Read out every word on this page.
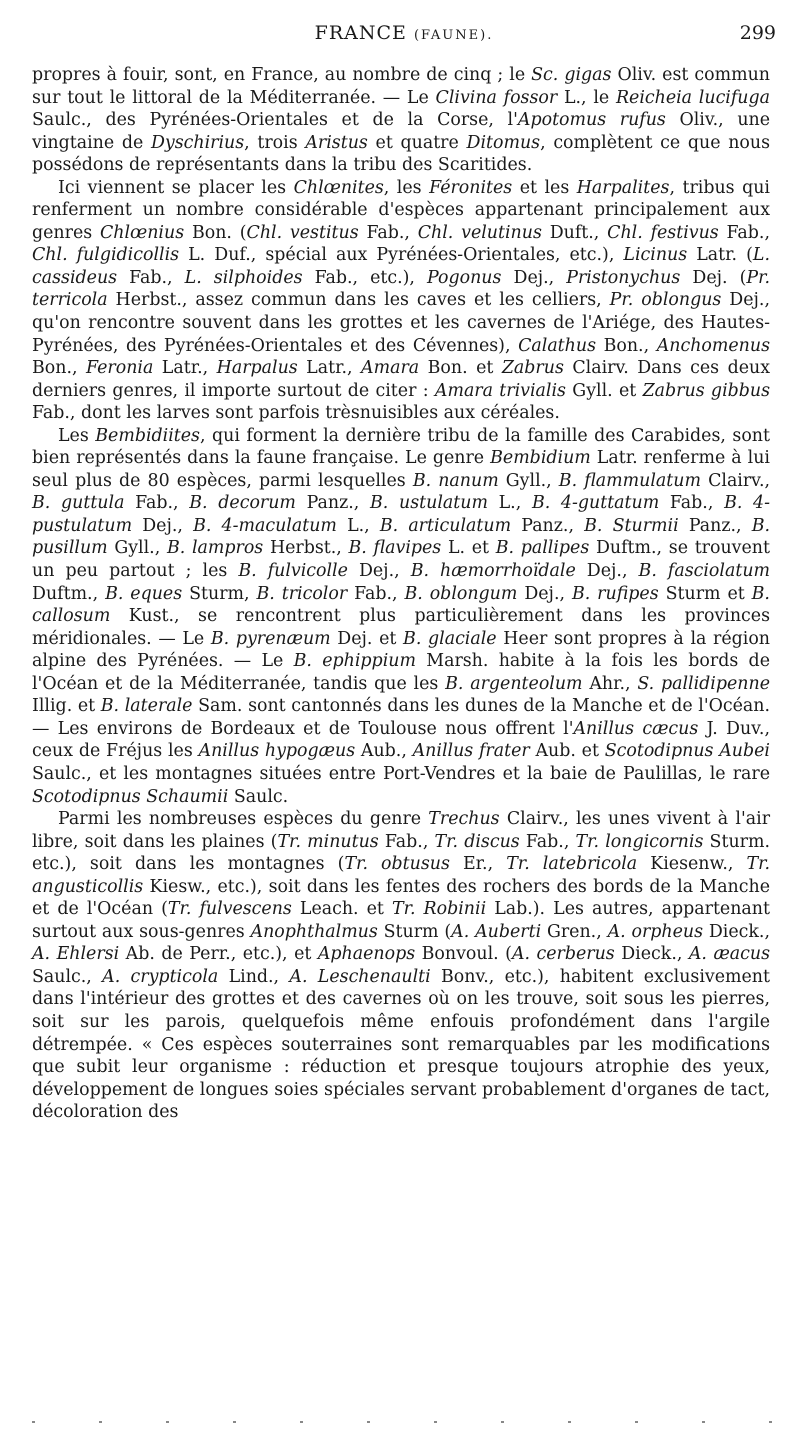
FRANCE (FAUNE).	299

propres à fouir, sont, en France, au nombre de cinq ; le Sc. gigas Oliv. est commun sur tout le littoral de la Méditerranée. — Le Clivina fossor L., le Reicheia lucifuga Saulc., des Pyrénées-Orientales et de la Corse, l'Apotomus rufus Oliv., une vingtaine de Dyschirius, trois Aristus et quatre Ditomus, complètent ce que nous possédons de représentants dans la tribu des Scaritides.

Ici viennent se placer les Chlœnites, les Féronites et les Harpalites, tribus qui renferment un nombre considérable d'espèces appartenant principalement aux genres Chlœnius Bon. (Chl. vestitus Fab., Chl. velutinus Duft., Chl. festivus Fab., Chl. fulgidicollis L. Duf., spécial aux Pyrénées-Orientales, etc.), Licinus Latr. (L. cassideus Fab., L. silphoides Fab., etc.), Pogonus Dej., Pristonychus Dej. (Pr. terricola Herbst., assez commun dans les caves et les celliers, Pr. oblongus Dej., qu'on rencontre souvent dans les grottes et les cavernes de l'Ariége, des Hautes-Pyrénées, des Pyrénées-Orientales et des Cévennes), Calathus Bon., Anchomenus Bon., Feronia Latr., Harpalus Latr., Amara Bon. et Zabrus Clairv. Dans ces deux derniers genres, il importe surtout de citer : Amara trivialis Gyll. et Zabrus gibbus Fab., dont les larves sont parfois trèsnuisibles aux céréales.

Les Bembidiites, qui forment la dernière tribu de la famille des Carabides, sont bien représentés dans la faune française. Le genre Bembidium Latr. renferme à lui seul plus de 80 espèces, parmi lesquelles B. nanum Gyll., B. flammulatum Clairv., B. guttula Fab., B. decorum Panz., B. ustulatum L., B. 4-guttatum Fab., B. 4-pustulatum Dej., B. 4-maculatum L., B. articulatum Panz., B. Sturmii Panz., B. pusillum Gyll., B. lampros Herbst., B. flavipes L. et B. pallipes Duftm., se trouvent un peu partout ; les B. fulvicolle Dej., B. hæmorrhoïdale Dej., B. fasciolatum Duftm., B. eques Sturm, B. tricolor Fab., B. oblongum Dej., B. rufipes Sturm et B. callosum Kust., se rencontrent plus particulièrement dans les provinces méridionales. — Le B. pyrenæum Dej. et B. glaciale Heer sont propres à la région alpine des Pyrénées. — Le B. ephippium Marsh. habite à la fois les bords de l'Océan et de la Méditerranée, tandis que les B. argenteolum Ahr., S. pallidipenne Illig. et B. laterale Sam. sont cantonnés dans les dunes de la Manche et de l'Océan. — Les environs de Bordeaux et de Toulouse nous offrent l'Anillus cæcus J. Duv., ceux de Fréjus les Anillus hypogæus Aub., Anillus frater Aub. et Scotodipnus Aubei Saulc., et les montagnes situées entre Port-Vendres et la baie de Paulillas, le rare Scotodipnus Schaumii Saulc.

Parmi les nombreuses espèces du genre Trechus Clairv., les unes vivent à l'air libre, soit dans les plaines (Tr. minutus Fab., Tr. discus Fab., Tr. longicornis Sturm. etc.), soit dans les montagnes (Tr. obtusus Er., Tr. latebricola Kiesenw., Tr. angusticollis Kiesw., etc.), soit dans les fentes des rochers des bords de la Manche et de l'Océan (Tr. fulvescens Leach. et Tr. Robinii Lab.). Les autres, appartenant surtout aux sous-genres Anophthalmus Sturm (A. Auberti Gren., A. orpheus Dieck., A. Ehlersi Ab. de Perr., etc.), et Aphaenops Bonvoul. (A. cerberus Dieck., A. æacus Saulc., A. crypticola Lind., A. Leschenaulti Bonv., etc.), habitent exclusivement dans l'intérieur des grottes et des cavernes où on les trouve, soit sous les pierres, soit sur les parois, quelquefois même enfouis profondément dans l'argile détrempée. « Ces espèces souterraines sont remarquables par les modifications que subit leur organisme : réduction et presque toujours atrophie des yeux, développement de longues soies spéciales servant probablement d'organes de tact, décoloration des
